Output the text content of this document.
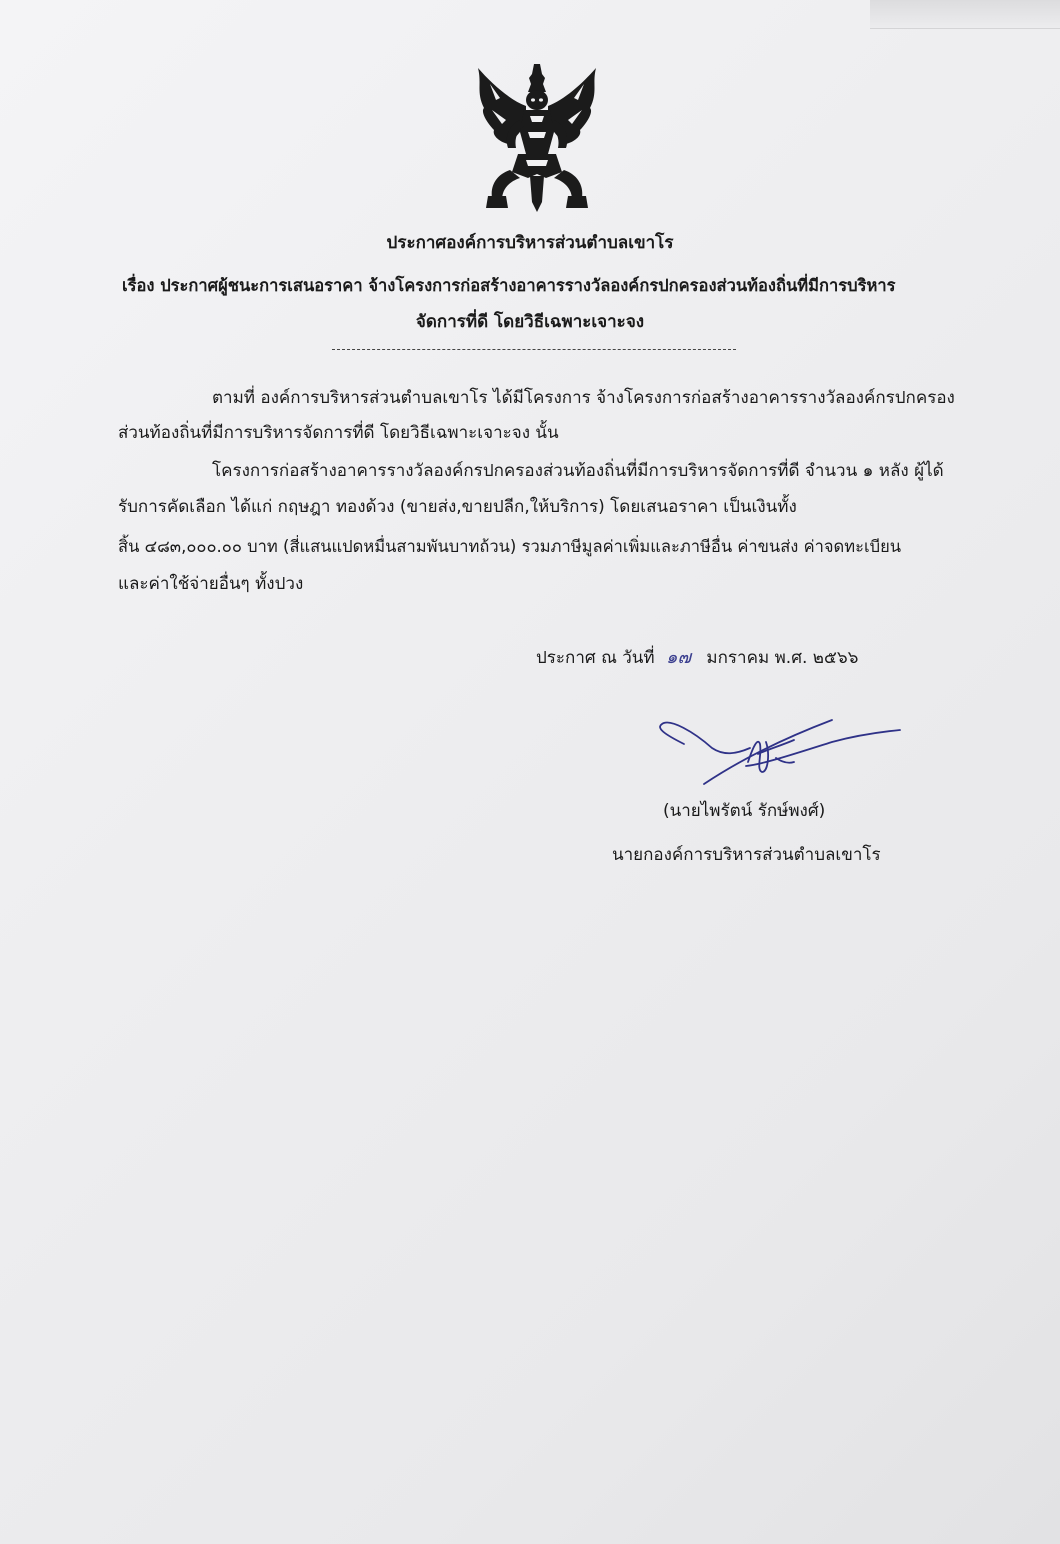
ประกาศองค์การบริหารส่วนตำบลเขาโร
เรื่อง ประกาศผู้ชนะการเสนอราคา จ้างโครงการก่อสร้างอาคารรางวัลองค์กรปกครองส่วนท้องถิ่นที่มีการบริหาร
จัดการที่ดี โดยวิธีเฉพาะเจาะจง
ตามที่ องค์การบริหารส่วนตำบลเขาโร ได้มีโครงการ จ้างโครงการก่อสร้างอาคารรางวัลองค์กรปกครอง
ส่วนท้องถิ่นที่มีการบริหารจัดการที่ดี โดยวิธีเฉพาะเจาะจง นั้น
โครงการก่อสร้างอาคารรางวัลองค์กรปกครองส่วนท้องถิ่นที่มีการบริหารจัดการที่ดี จำนวน ๑ หลัง ผู้ได้
รับการคัดเลือก ได้แก่ กฤษฎา ทองด้วง (ขายส่ง,ขายปลีก,ให้บริการ) โดยเสนอราคา เป็นเงินทั้ง
สิ้น ๔๘๓,๐๐๐.๐๐ บาท (สี่แสนแปดหมื่นสามพันบาทถ้วน) รวมภาษีมูลค่าเพิ่มและภาษีอื่น ค่าขนส่ง ค่าจดทะเบียน
และค่าใช้จ่ายอื่นๆ ทั้งปวง
ประกาศ ณ วันที่ ๑๗ มกราคม พ.ศ. ๒๕๖๖
(นายไพรัตน์ รักษ์พงศ์)
นายกองค์การบริหารส่วนตำบลเขาโร
